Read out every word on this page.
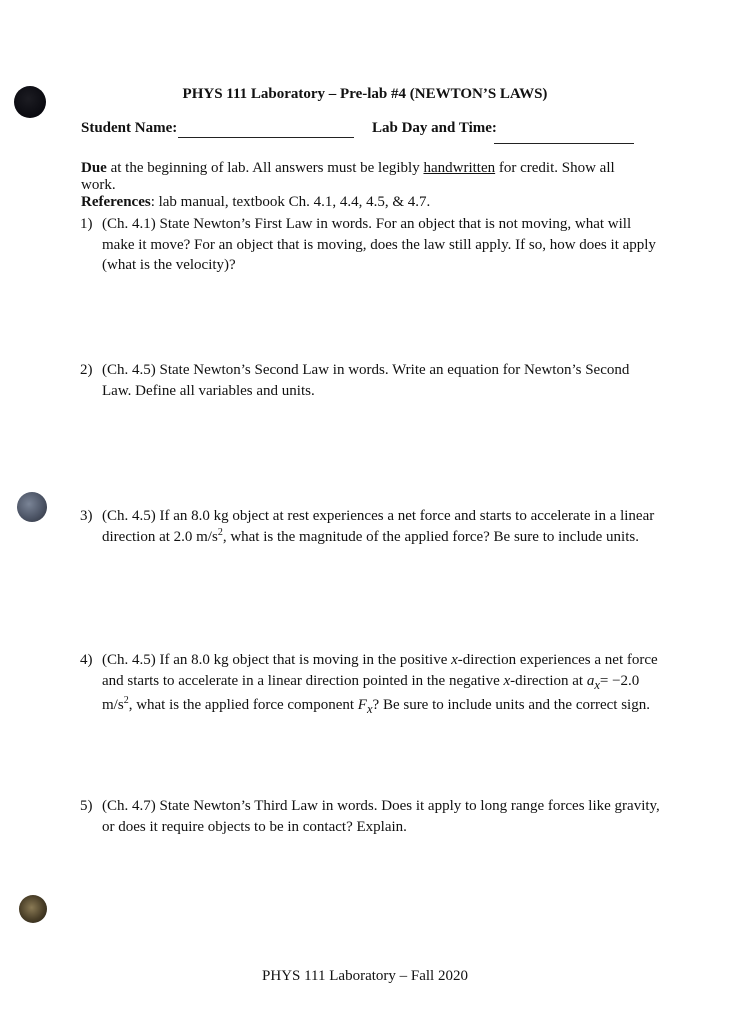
PHYS 111 Laboratory – Pre-lab #4 (NEWTON’S LAWS)
Student Name:	Lab Day and Time:
Due at the beginning of lab. All answers must be legibly handwritten for credit. Show all work.
References: lab manual, textbook Ch. 4.1, 4.4, 4.5, & 4.7.
1) (Ch. 4.1) State Newton’s First Law in words. For an object that is not moving, what will make it move? For an object that is moving, does the law still apply. If so, how does it apply (what is the velocity)?
2) (Ch. 4.5) State Newton’s Second Law in words. Write an equation for Newton’s Second Law. Define all variables and units.
3) (Ch. 4.5) If an 8.0 kg object at rest experiences a net force and starts to accelerate in a linear direction at 2.0 $m/s^2$, what is the magnitude of the applied force? Be sure to include units.
4) (Ch. 4.5) If an 8.0 kg object that is moving in the positive x-direction experiences a net force and starts to accelerate in a linear direction pointed in the negative x-direction at $a_x= -2.0$ $m/s^2$, what is the applied force component $F_x$? Be sure to include units and the correct sign.
5) (Ch. 4.7) State Newton’s Third Law in words. Does it apply to long range forces like gravity, or does it require objects to be in contact? Explain.
PHYS 111 Laboratory – Fall 2020
